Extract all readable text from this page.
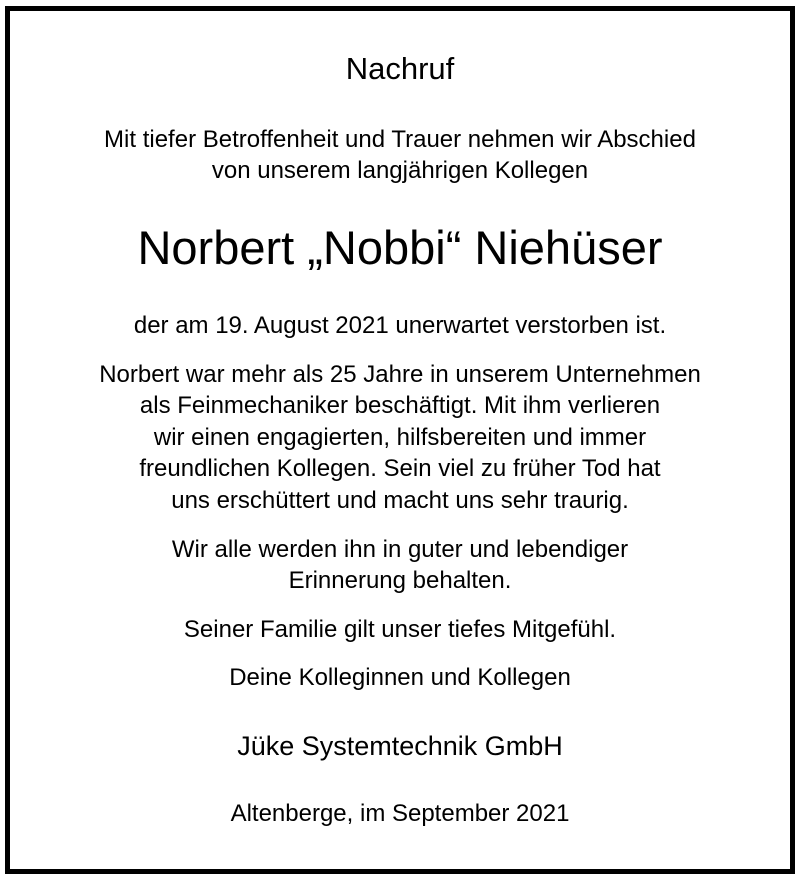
Nachruf
Mit tiefer Betroffenheit und Trauer nehmen wir Abschied
von unserem langjährigen Kollegen
Norbert „Nobbi“ Niehüser
der am 19. August 2021 unerwartet verstorben ist.
Norbert war mehr als 25 Jahre in unserem Unternehmen
als Feinmechaniker beschäftigt. Mit ihm verlieren
wir einen engagierten, hilfsbereiten und immer
freundlichen Kollegen. Sein viel zu früher Tod hat
uns erschüttert und macht uns sehr traurig.
Wir alle werden ihn in guter und lebendiger
Erinnerung behalten.
Seiner Familie gilt unser tiefes Mitgefühl.
Deine Kolleginnen und Kollegen
Jüke Systemtechnik GmbH
Altenberge, im September 2021
